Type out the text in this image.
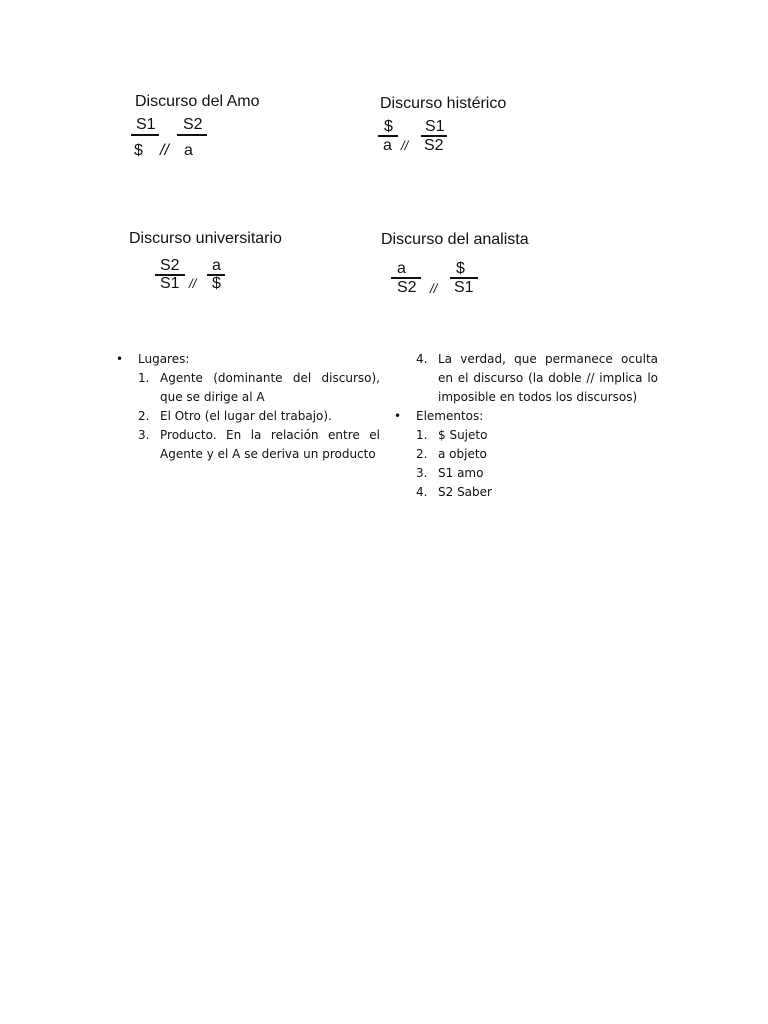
Discurso del Amo
S1 S2
$ // a
Discurso histérico
$ S1
a // S2
Discurso universitario
S2 a
S1 // $
Discurso del analista
a	$
S2 // S1
• Lugares:
1. Agente (dominante del discurso), que se dirige al A
2. El Otro (el lugar del trabajo).
3. Producto. En la relación entre el Agente y el A se deriva un producto
4. La verdad, que permanece oculta en el discurso (la doble // implica lo imposible en todos los discursos)
• Elementos:
1. $ Sujeto
2. a objeto
3. S1 amo
4. S2 Saber
